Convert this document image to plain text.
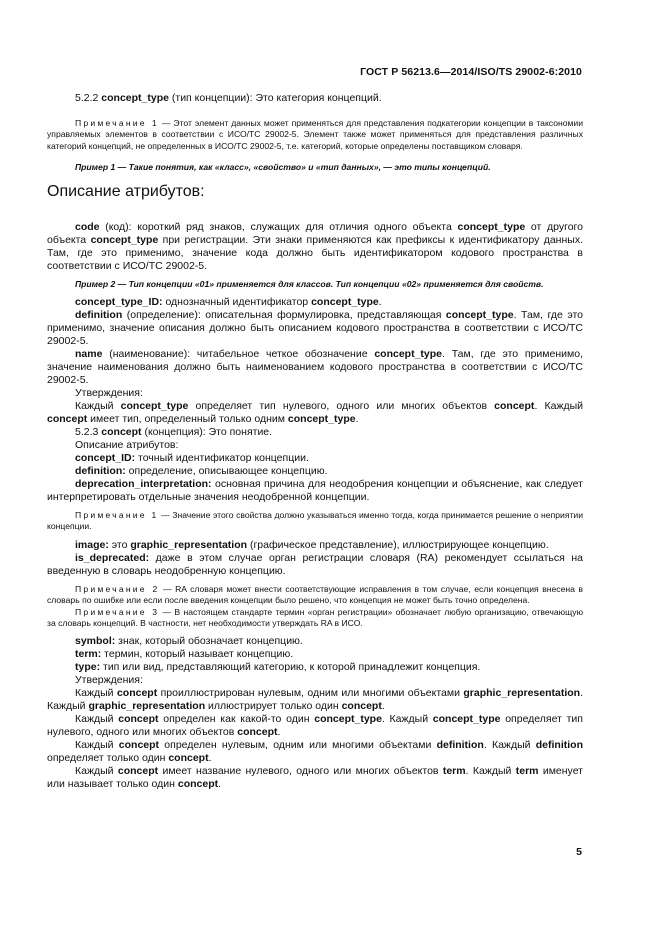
ГОСТ Р 56213.6—2014/ISO/TS 29002-6:2010

5.2.2 concept_type (тип концепции): Это категория концепций.

Примечание 1 — Этот элемент данных может применяться для представления подкатегории концепции в таксономии управляемых элементов в соответствии с ИСО/ТС 29002-5. Элемент также может применяться для представления различных категорий концепций, не определенных в ИСО/ТС 29002-5, т.е. категорий, которые определены поставщиком словаря.

Пример 1 — Такие понятия, как «класс», «свойство» и «тип данных», — это типы концепций.

Описание атрибутов:

code (код): короткий ряд знаков, служащих для отличия одного объекта concept_type от другого объекта concept_type при регистрации. Эти знаки применяются как префиксы к идентификатору данных. Там, где это применимо, значение кода должно быть идентификатором кодового пространства в соответствии с ИСО/ТС 29002-5.

Пример 2 — Тип концепции «01» применяется для классов. Тип концепции «02» применяется для свойств.

concept_type_ID: однозначный идентификатор concept_type.

definition (определение): описательная формулировка, представляющая concept_type. Там, где это применимо, значение описания должно быть описанием кодового пространства в соответствии с ИСО/ТС 29002-5.

name (наименование): читабельное четкое обозначение concept_type. Там, где это применимо, значение наименования должно быть наименованием кодового пространства в соответствии с ИСО/ТС 29002-5.

Утверждения:

Каждый concept_type определяет тип нулевого, одного или многих объектов concept. Каждый concept имеет тип, определенный только одним concept_type.

5.2.3 concept (концепция): Это понятие.

Описание атрибутов:

concept_ID: точный идентификатор концепции.

definition: определение, описывающее концепцию.

deprecation_interpretation: основная причина для неодобрения концепции и объяснение, как следует интерпретировать отдельные значения неодобренной концепции.

Примечание 1 — Значение этого свойства должно указываться именно тогда, когда принимается решение о неприятии концепции.

image: это graphic_representation (графическое представление), иллюстрирующее концепцию.

is_deprecated: даже в этом случае орган регистрации словаря (RA) рекомендует ссылаться на введенную в словарь неодобренную концепцию.

Примечание 2 — RA словаря может внести соответствующие исправления в том случае, если концепция внесена в словарь по ошибке или если после введения концепции было решено, что концепция не может быть точно определена.

Примечание 3 — В настоящем стандарте термин «орган регистрации» обозначает любую организацию, отвечающую за словарь концепций. В частности, нет необходимости утверждать RA в ИСО.

symbol: знак, который обозначает концепцию.

term: термин, который называет концепцию.

type: тип или вид, представляющий категорию, к которой принадлежит концепция.

Утверждения:

Каждый concept проиллюстрирован нулевым, одним или многими объектами graphic_representation. Каждый graphic_representation иллюстрирует только один concept.

Каждый concept определен как какой-то один concept_type. Каждый concept_type определяет тип нулевого, одного или многих объектов concept.

Каждый concept определен нулевым, одним или многими объектами definition. Каждый definition определяет только один concept.

Каждый concept имеет название нулевого, одного или многих объектов term. Каждый term именует или называет только один concept.

5
